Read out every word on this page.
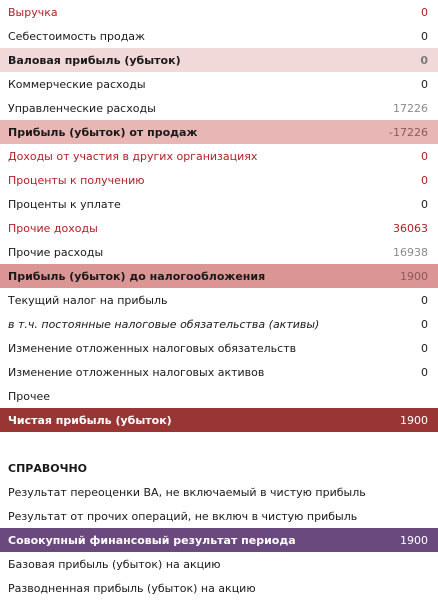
Выручка	0
Себестоимость продаж	0
Валовая прибыль (убыток)	0
Коммерческие расходы	0
Управленческие расходы	17226
Прибыль (убыток) от продаж	-17226
Доходы от участия в других организациях	0
Проценты к получению	0
Проценты к уплате	0
Прочие доходы	36063
Прочие расходы	16938
Прибыль (убыток) до налогообложения	1900
Текущий налог на прибыль	0
в т.ч. постоянные налоговые обязательства (активы)	0
Изменение отложенных налоговых обязательств	0
Изменение отложенных налоговых активов	0
Прочее
Чистая прибыль (убыток)	1900
СПРАВОЧНО
Результат переоценки ВА, не включаемый в чистую прибыль
Результат от прочих операций, не включ в чистую прибыль
Совокупный финансовый результат периода	1900
Базовая прибыль (убыток) на акцию
Разводненная прибыль (убыток) на акцию
